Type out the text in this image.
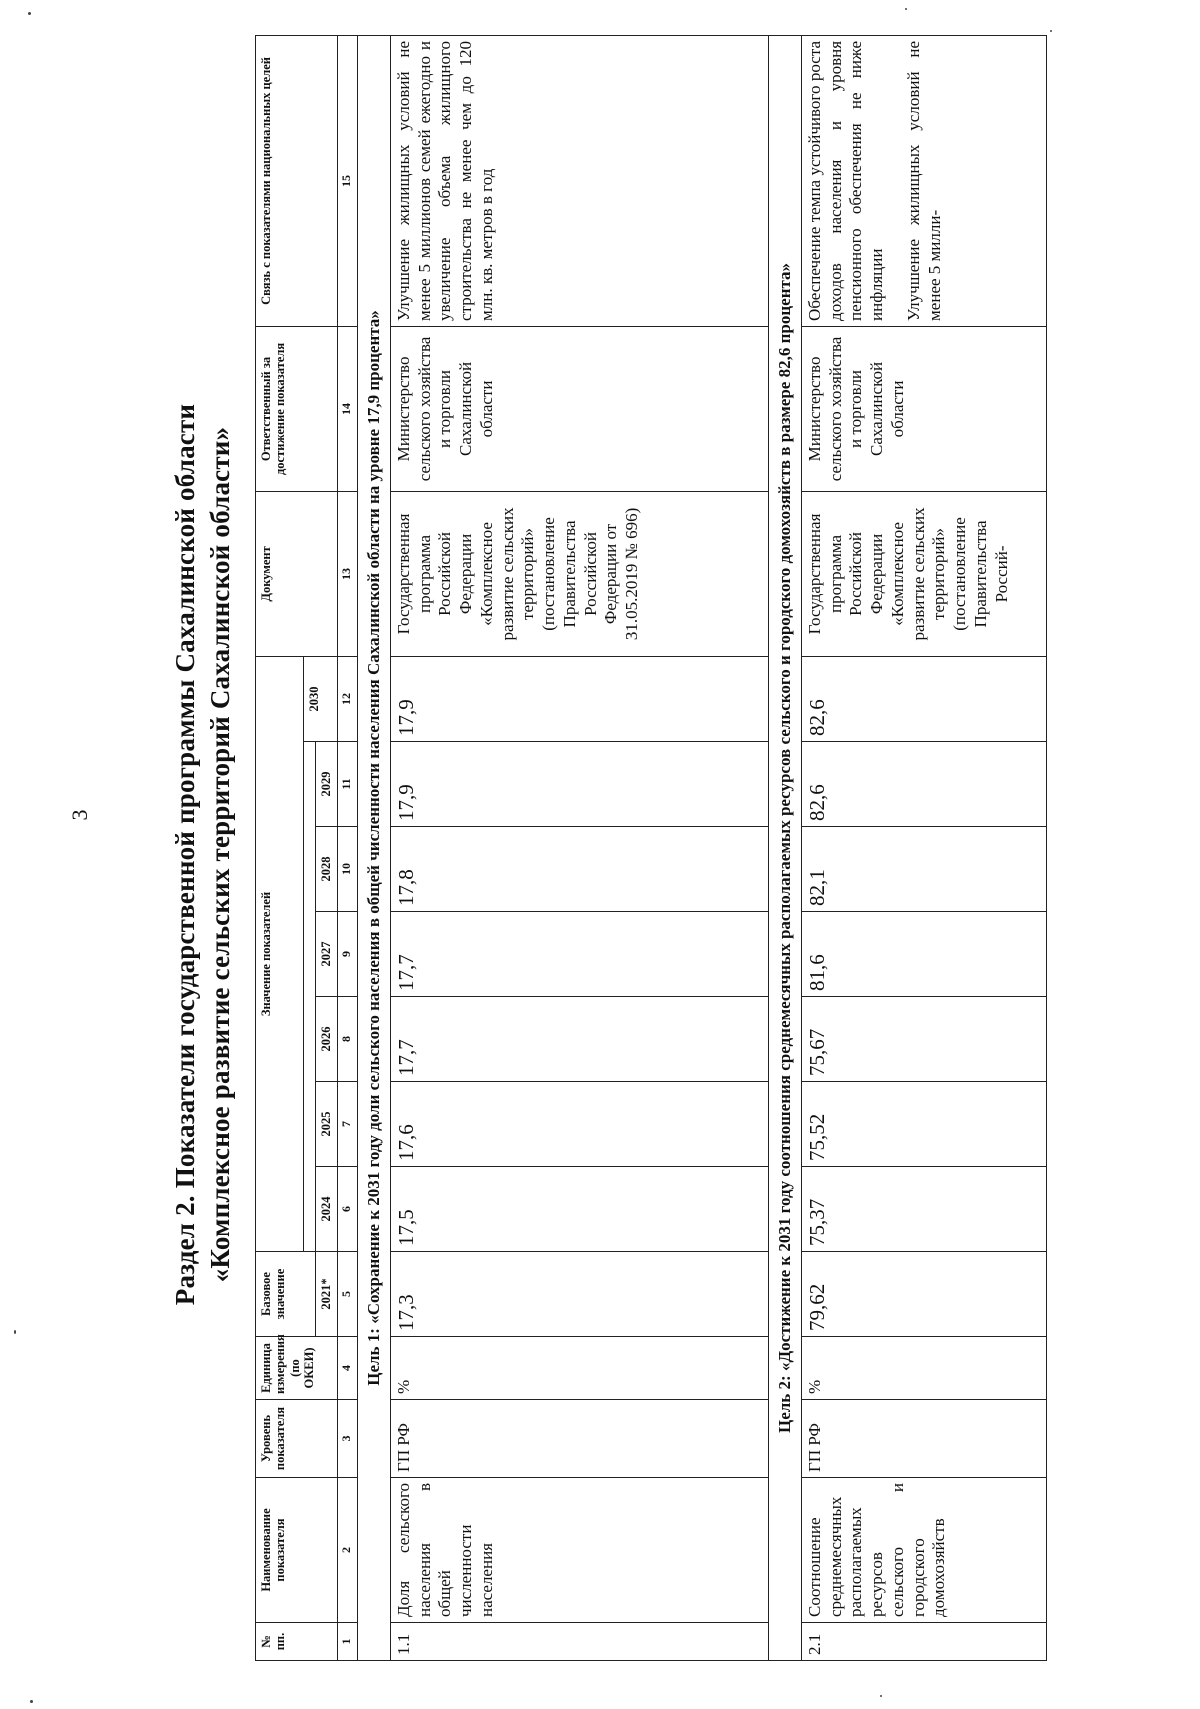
3	Раздел 2. Показатели государственной программы Сахалинской области «Комплексное развитие сельских территорий Сахалинской области»
№ пп.	Наименование показателя	Уровень показателя	Единица измерения (по ОКЕИ)	Базовое значение	Значение показателей							Документ	Ответственный за достижение показателя	Связь с показателями национальных целей
											2030			
				2021*	2024	2025	2026	2027	2028	2029				
1	2	3	4	5	6	7	8	9	10	11	12	13	14	15
Цель 1: «Сохранение к 2031 году доли сельского населения в общей численности населения Сахалинской области на уровне 17,9 процента»														
1.1	Доля сельского населения в общей численности населения	ГП РФ	%	17,3	17,5	17,6	17,7	17,7	17,8	17,9	17,9	Государственная программа Российской Федерации «Комплексное развитие сельских территорий» (постановление Правительства Российской Федерации от 31.05.2019 № 696)	Министерство сельского хозяйства и торговли Сахалинской области	Улучшение жилищных условий не менее 5 миллионов семей ежегодно и увеличение объема жилищного строительства не менее чем до 120 млн. кв. метров в год
Цель 2: «Достижение к 2031 году соотношения среднемесячных располагаемых ресурсов сельского и городского домохозяйств в размере 82,6 процента»														
2.1	Соотношение среднемесячных располагаемых ресурсов сельского и городского домохозяйств	ГП РФ	%	79,62	75,37	75,52	75,67	81,6	82,1	82,6	82,6	Государственная программа Российской Федерации «Комплексное развитие сельских территорий» (постановление Правительства Россий-	Министерство сельского хозяйства и торговли Сахалинской области	Обеспечение темпа устойчивого роста доходов населения и уровня пенсионного обеспечения не ниже инфляции Улучшение жилищных условий не менее 5 милли-
